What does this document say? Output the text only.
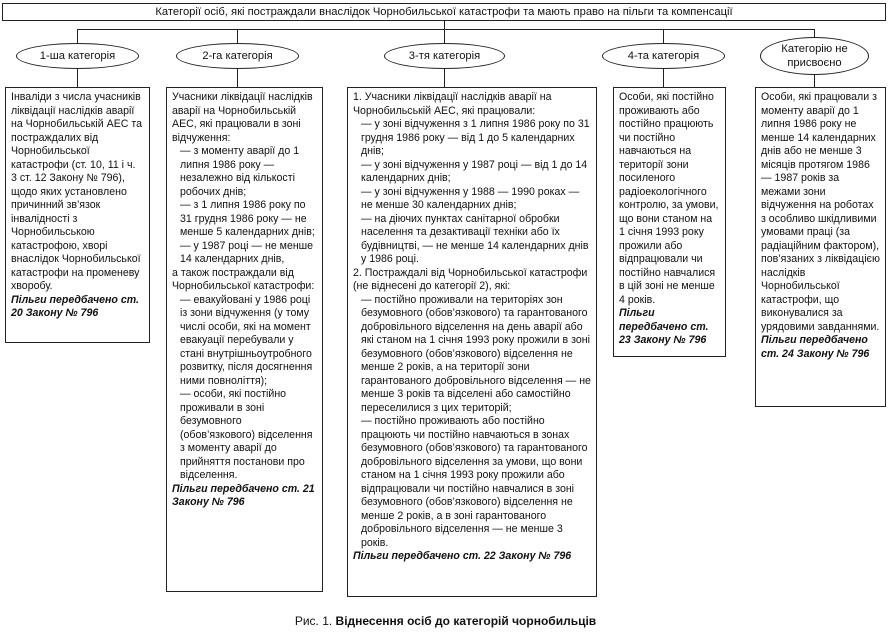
Категорії осіб, які постраждали внаслідок Чорнобильської катастрофи та мають право на пільги та компенсації
1-ша категорія	2-га категорія	3-тя категорія	4-та категорія
Категорію не присвоєно

Інваліди з числа учасників ліквідації наслідків аварії на Чорнобильській АЕС та постраждалих від Чорнобильської катастрофи (ст. 10, 11 і ч. 3 ст. 12 Закону № 796), щодо яких установлено причинний зв’язок інвалідності з Чорнобильською катастрофою, хворі внаслідок Чорнобильської катастрофи на променеву хворобу.

Пільги передбачено ст. 20 Закону № 796

Учасники ліквідації наслідків аварії на Чорнобильській АЕС, які працювали в зоні відчуження:

— з моменту аварії до 1 липня 1986 року — незалежно від кількості робочих днів;

— з 1 липня 1986 року по 31 грудня 1986 року — не менше 5 календарних днів;

— у 1987 році — не менше 14 календарних днів,

а також постраждали від Чорнобильської катастрофи:

— евакуйовані у 1986 році із зони відчуження (у тому числі особи, які на момент евакуації перебували у стані внутрішньоутробного розвитку, після досягнення ними повноліття);

— особи, які постійно проживали в зоні безумовного (обов’язкового) відселення з моменту аварії до прийняття постанови про відселення.

Пільги передбачено ст. 21 Закону № 796

1. Учасники ліквідації наслідків аварії на Чорнобильській АЕС, які працювали:

— у зоні відчуження з 1 липня 1986 року по 31 грудня 1986 року — від 1 до 5 календарних днів;

— у зоні відчуження у 1987 році — від 1 до 14 календарних днів;

— у зоні відчуження у 1988 — 1990 роках — не менше 30 календарних днів;

— на діючих пунктах санітарної обробки населення та дезактивації техніки або їх будівництві, — не менше 14 календарних днів у 1986 році.

2. Постраждалі від Чорнобильської катастрофи (не віднесені до категорії 2), які:

— постійно проживали на територіях зон безумовного (обов’язкового) та гарантованого добровільного відселення на день аварії або які станом на 1 січня 1993 року прожили в зоні безумовного (обов’язкового) відселення не менше 2 років, а на території зони гарантованого добровільного відселення — не менше 3 років та відселені або самостійно переселилися з цих територій;

— постійно проживають або постійно працюють чи постійно навчаються в зонах безумовного (обов’язкового) та гарантованого добровільного відселення за умови, що вони станом на 1 січня 1993 року прожили або відпрацювали чи постійно навчалися в зоні безумовного (обов’язкового) відселення не менше 2 років, а в зоні гарантованого добровільного відселення — не менше 3 років.

Пільги передбачено ст. 22 Закону № 796

Особи, які постійно проживають або постійно працюють чи постійно навчаються на території зони посиленого радіоекологічного контролю, за умови, що вони станом на 1 січня 1993 року прожили або відпрацювали чи постійно навчалися в цій зоні не менше 4 років.

Пільги передбачено ст. 23 Закону № 796

Особи, які працювали з моменту аварії до 1 липня 1986 року не менше 14 календарних днів або не менше 3 місяців протягом 1986 — 1987 років за межами зони відчуження на роботах з особливо шкідливими умовами праці (за радіаційним фактором), пов’язаних з ліквідацією наслідків Чорнобильської катастрофи, що виконувалися за урядовими завданнями.

Пільги передбачено ст. 24 Закону № 796

Рис. 1. Віднесення осіб до категорій чорнобильців
